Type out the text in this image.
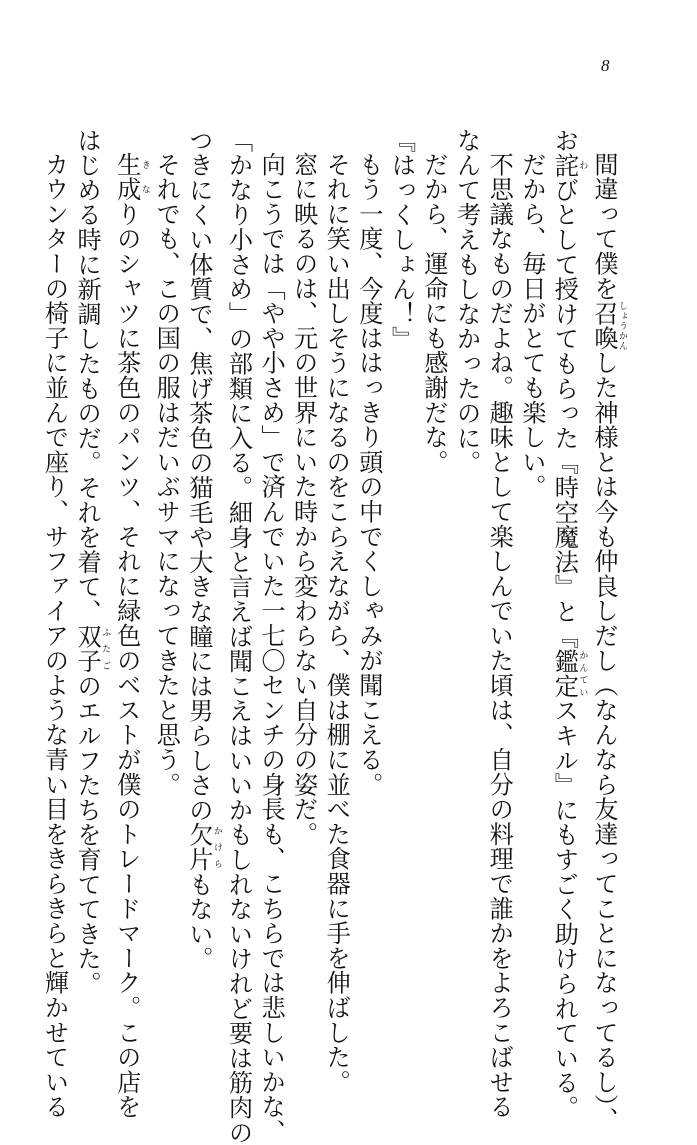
8
間違って僕を召喚 しょうかんした神様とは今も仲良しだし（なんなら友達ってことになってるし）、
お詫 わびとして授けてもらった『時空魔法』と『鑑定 かんていスキル』にもすごく助けられている。
だから、毎日がとても楽しい。
不思議なものだよね。趣味として楽しんでいた頃は、自分の料理で誰かをよろこばせる
なんて考えもしなかったのに。
だから、運命にも感謝だな。
『はっくしょん！』
もう一度、今度ははっきり頭の中でくしゃみが聞こえる。
それに笑い出しそうになるのをこらえながら、僕は棚に並べた食器に手を伸ばした。
窓に映るのは、元の世界にいた時から変わらない自分の姿だ。
向こうでは「やや小さめ」で済んでいた一七〇センチの身長も、こちらでは悲しいかな、
「かなり小さめ」の部類に入る。細身と言えば聞こえはいいかもしれないけれど要は筋肉の
つきにくい体質で、焦げ茶色の猫毛や大きな瞳には男らしさの欠片 かけらもない。
それでも、この国の服はだいぶサマになってきたと思う。
生成 きなりのシャツに茶色のパンツ、それに緑色のベストが僕のトレードマーク。この店を
はじめる時に新調したものだ。それを着て、双子 ふたごのエルフたちを育ててきた。
カウンターの椅子に並んで座り、サファイアのような青い目をきらきらと輝かせている
